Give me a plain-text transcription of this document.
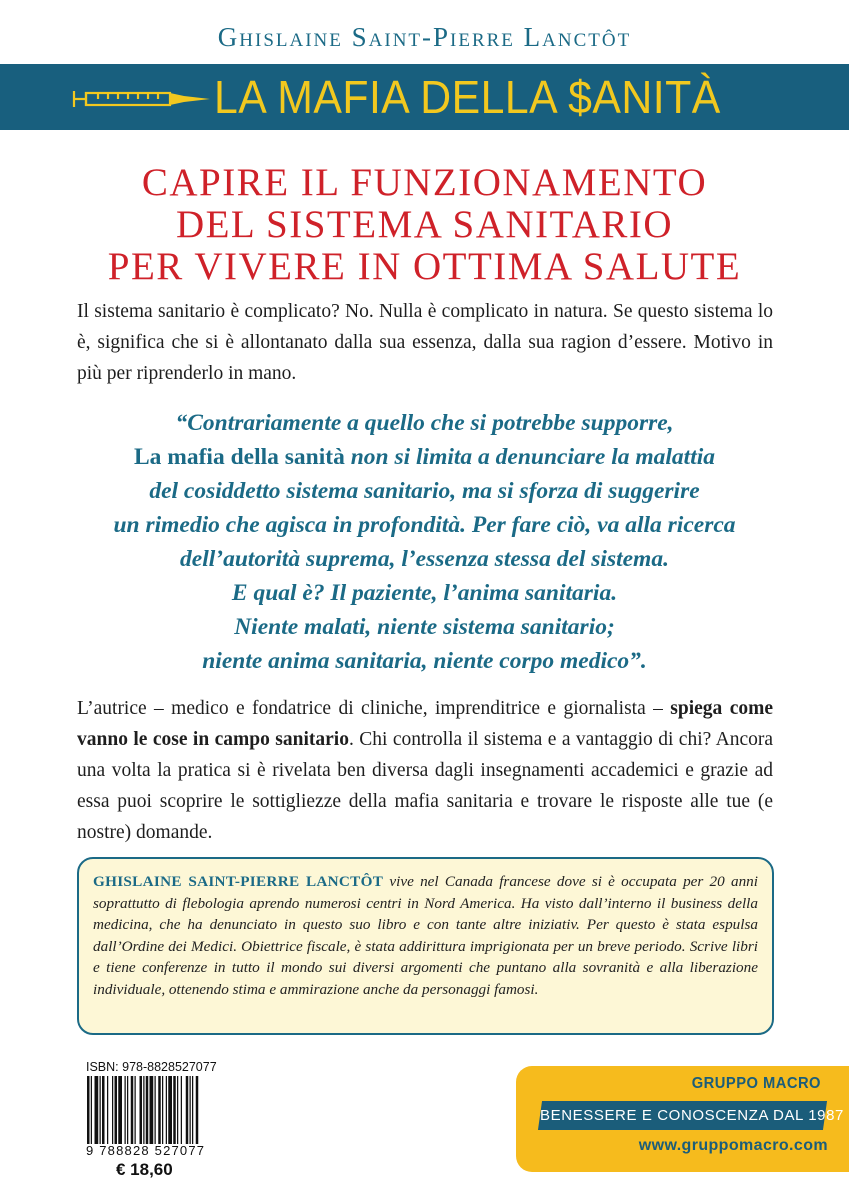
Ghislaine Saint-Pierre Lanctôt
LA MAFIA DELLA $ANITÀ
CAPIRE IL FUNZIONAMENTO
DEL SISTEMA SANITARIO
PER VIVERE IN OTTIMA SALUTE

Il sistema sanitario è complicato? No. Nulla è complicato in natura. Se questo sistema lo è, significa che si è allontanato dalla sua essenza, dalla sua ragion d’essere. Motivo in più per riprenderlo in mano.

“Contrariamente a quello che si potrebbe supporre,
La mafia della sanità non si limita a denunciare la malattia
del cosiddetto sistema sanitario, ma si sforza di suggerire
un rimedio che agisca in profondità. Per fare ciò, va alla ricerca
dell’autorità suprema, l’essenza stessa del sistema.
E qual è? Il paziente, l’anima sanitaria.
Niente malati, niente sistema sanitario;
niente anima sanitaria, niente corpo medico”.

L’autrice – medico e fondatrice di cliniche, imprenditrice e giornalista – spiega come vanno le cose in campo sanitario. Chi controlla il sistema e a vantaggio di chi? Ancora una volta la pratica si è rivelata ben diversa dagli insegnamenti accademici e grazie ad essa puoi scoprire le sottigliezze della mafia sanitaria e trovare le risposte alle tue (e nostre) domande.

GHISLAINE SAINT-PIERRE LANCTÔT vive nel Canada francese dove si è occupata per 20 anni soprattutto di flebologia aprendo numerosi centri in Nord America. Ha visto dall’interno il business della medicina, che ha denunciato in questo suo libro e con tante altre iniziativ. Per questo è stata espulsa dall’Ordine dei Medici. Obiettrice fiscale, è stata addirittura imprigionata per un breve periodo. Scrive libri e tiene conferenze in tutto il mondo sui diversi argomenti che puntano alla sovranità e alla liberazione individuale, ottenendo stima e ammirazione anche da personaggi famosi.

ISBN: 978-8828527077
9 788828 527077
€ 18,60
GRUPPO MACRO
BENESSERE E CONOSCENZA DAL 1987
www.gruppomacro.com
